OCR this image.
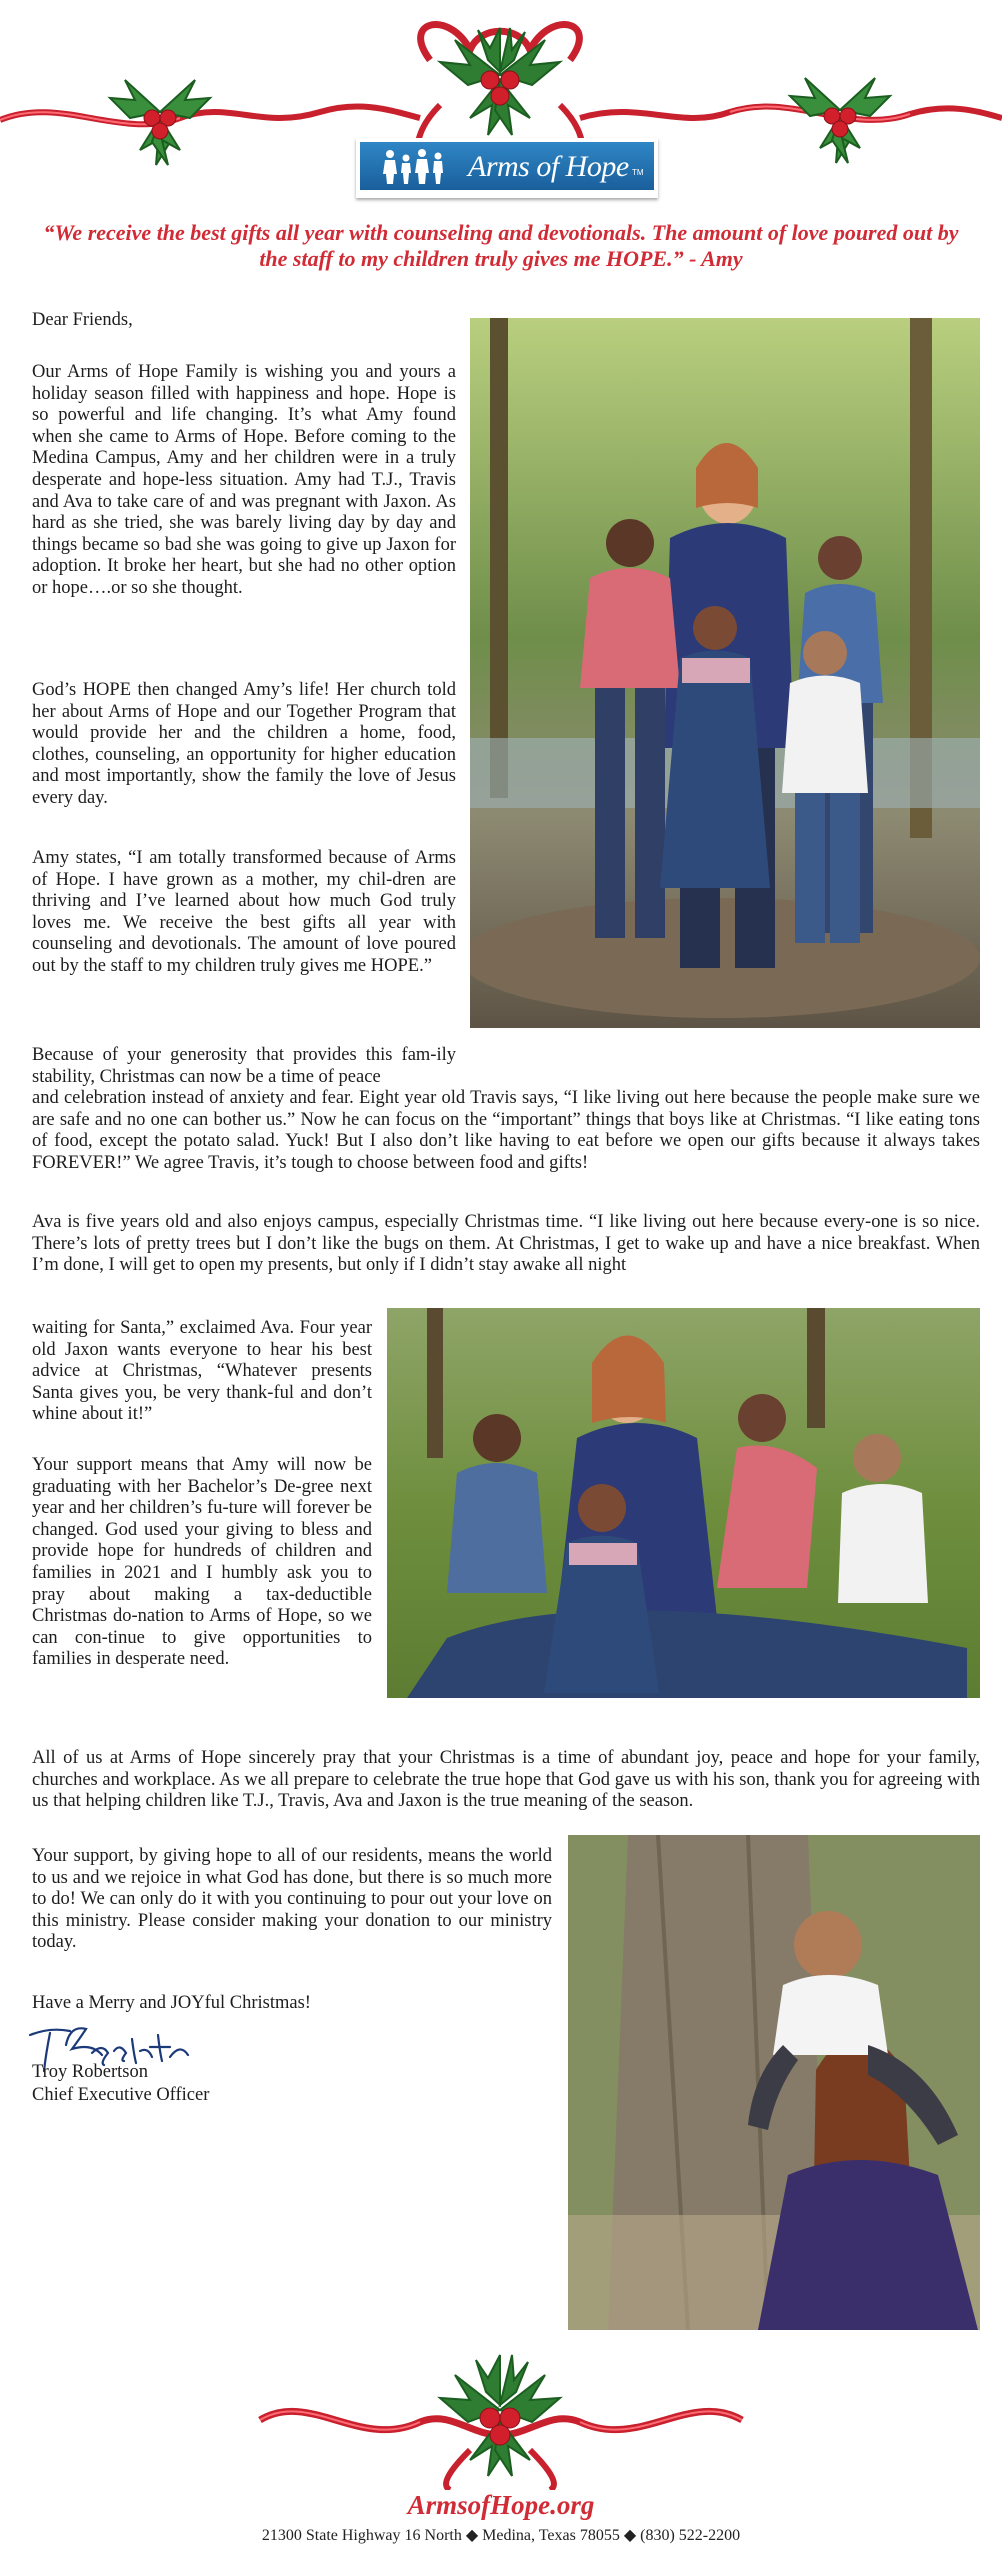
Arms of Hope TM

“We receive the best gifts all year with counseling and devotionals. The amount of love poured out by the staff to my children truly gives me HOPE.” - Amy

Dear Friends,

Our Arms of Hope Family is wishing you and yours a holiday season filled with happiness and hope. Hope is so powerful and life changing. It’s what Amy found when she came to Arms of Hope. Before coming to the Medina Campus, Amy and her children were in a truly desperate and hope-less situation. Amy had T.J., Travis and Ava to take care of and was pregnant with Jaxon. As hard as she tried, she was barely living day by day and things became so bad she was going to give up Jaxon for adoption. It broke her heart, but she had no other option or hope….or so she thought.

God’s HOPE then changed Amy’s life! Her church told her about Arms of Hope and our Together Program that would provide her and the children a home, food, clothes, counseling, an opportunity for higher education and most importantly, show the family the love of Jesus every day.

Amy states, “I am totally transformed because of Arms of Hope. I have grown as a mother, my chil-dren are thriving and I’ve learned about how much God truly loves me. We receive the best gifts all year with counseling and devotionals. The amount of love poured out by the staff to my children truly gives me HOPE.”

Because of your generosity that provides this fam-ily stability, Christmas can now be a time of peace

and celebration instead of anxiety and fear. Eight year old Travis says, “I like living out here because the people make sure we are safe and no one can bother us.” Now he can focus on the “important” things that boys like at Christmas. “I like eating tons of food, except the potato salad. Yuck! But I also don’t like having to eat before we open our gifts because it always takes FOREVER!” We agree Travis, it’s tough to choose between food and gifts!

Ava is five years old and also enjoys campus, especially Christmas time. “I like living out here because every-one is so nice. There’s lots of pretty trees but I don’t like the bugs on them. At Christmas, I get to wake up and have a nice breakfast. When I’m done, I will get to open my presents, but only if I didn’t stay awake all night

waiting for Santa,” exclaimed Ava. Four year old Jaxon wants everyone to hear his best advice at Christmas, “Whatever presents Santa gives you, be very thank-ful and don’t whine about it!”

Your support means that Amy will now be graduating with her Bachelor’s De-gree next year and her children’s fu-ture will forever be changed. God used your giving to bless and provide hope for hundreds of children and families in 2021 and I humbly ask you to pray about making a tax-deductible Christmas do-nation to Arms of Hope, so we can con-tinue to give opportunities to families in desperate need.

All of us at Arms of Hope sincerely pray that your Christmas is a time of abundant joy, peace and hope for your family, churches and workplace. As we all prepare to celebrate the true hope that God gave us with his son, thank you for agreeing with us that helping children like T.J., Travis, Ava and Jaxon is the true meaning of the season.

Your support, by giving hope to all of our residents, means the world to us and we rejoice in what God has done, but there is so much more to do! We can only do it with you continuing to pour out your love on this ministry. Please consider making your donation to our ministry today.

Have a Merry and JOYful Christmas!

Troy Robertson

Chief Executive Officer

ArmsofHope.org

21300 State Highway 16 North ◆ Medina, Texas 78055 ◆ (830) 522-2200
